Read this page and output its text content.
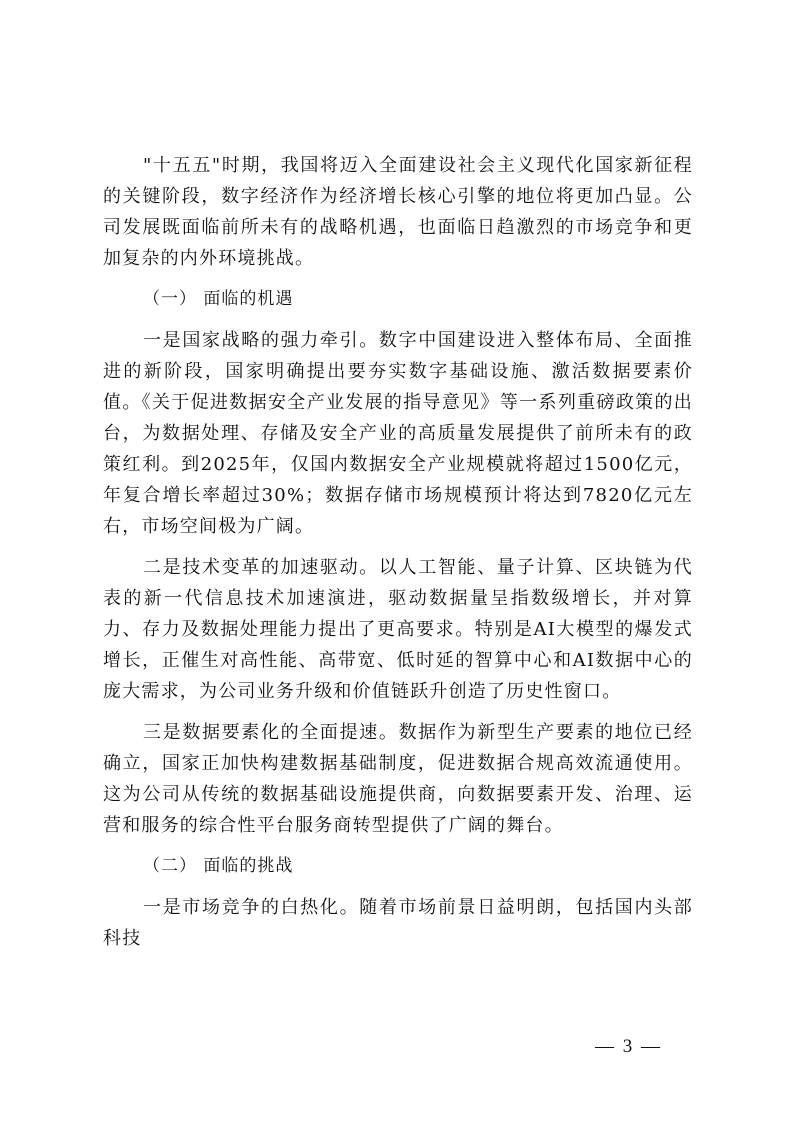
"十五五"时期，我国将迈入全面建设社会主义现代化国家新征程的关键阶段，数字经济作为经济增长核心引擎的地位将更加凸显。公司发展既面临前所未有的战略机遇，也面临日趋激烈的市场竞争和更加复杂的内外环境挑战。

（一） 面临的机遇

一是国家战略的强力牵引。数字中国建设进入整体布局、全面推进的新阶段，国家明确提出要夯实数字基础设施、激活数据要素价值。《关于促进数据安全产业发展的指导意见》等一系列重磅政策的出台，为数据处理、存储及安全产业的高质量发展提供了前所未有的政策红利。到2025年，仅国内数据安全产业规模就将超过1500亿元，年复合增长率超过30%；数据存储市场规模预计将达到7820亿元左右，市场空间极为广阔。

二是技术变革的加速驱动。以人工智能、量子计算、区块链为代表的新一代信息技术加速演进，驱动数据量呈指数级增长，并对算力、存力及数据处理能力提出了更高要求。特别是AI大模型的爆发式增长，正催生对高性能、高带宽、低时延的智算中心和AI数据中心的庞大需求，为公司业务升级和价值链跃升创造了历史性窗口。

三是数据要素化的全面提速。数据作为新型生产要素的地位已经确立，国家正加快构建数据基础制度，促进数据合规高效流通使用。这为公司从传统的数据基础设施提供商，向数据要素开发、治理、运营和服务的综合性平台服务商转型提供了广阔的舞台。

（二） 面临的挑战

一是市场竞争的白热化。随着市场前景日益明朗，包括国内头部科技

— 3 —
